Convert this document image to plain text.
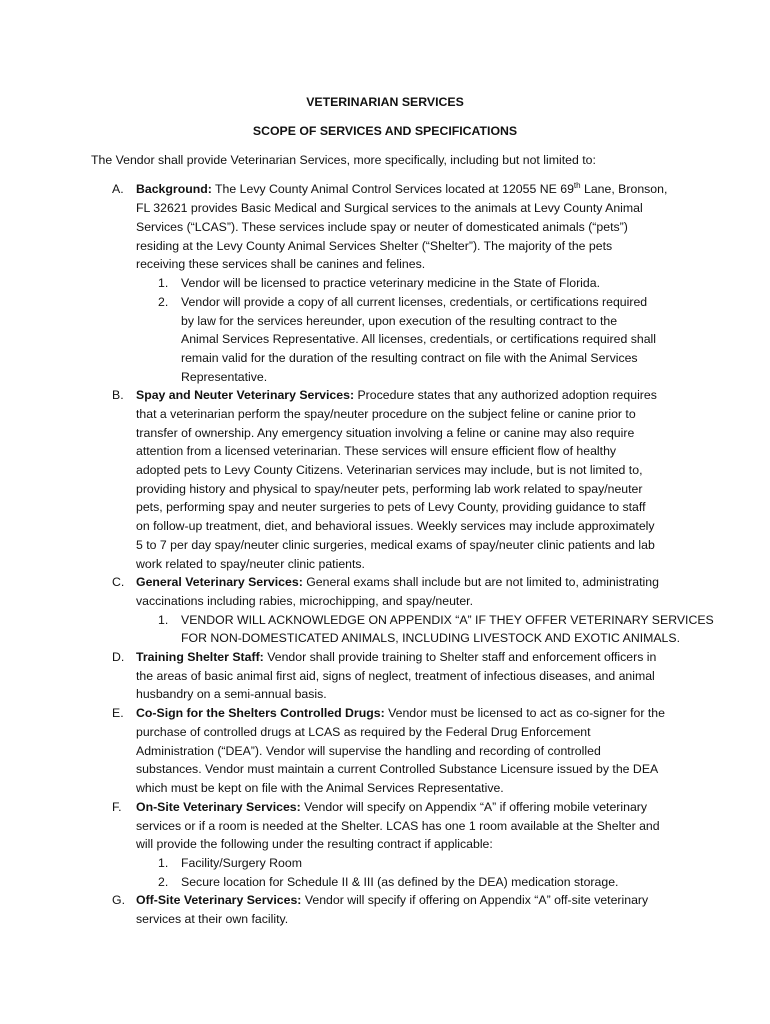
VETERINARIAN SERVICES
SCOPE OF SERVICES AND SPECIFICATIONS
The Vendor shall provide Veterinarian Services, more specifically, including but not limited to:
A. Background: The Levy County Animal Control Services located at 12055 NE 69th Lane, Bronson,
FL 32621 provides Basic Medical and Surgical services to the animals at Levy County Animal
Services (“LCAS”). These services include spay or neuter of domesticated animals (“pets”)
residing at the Levy County Animal Services Shelter (“Shelter”). The majority of the pets
receiving these services shall be canines and felines.
1. Vendor will be licensed to practice veterinary medicine in the State of Florida.
2. Vendor will provide a copy of all current licenses, credentials, or certifications required
by law for the services hereunder, upon execution of the resulting contract to the
Animal Services Representative. All licenses, credentials, or certifications required shall
remain valid for the duration of the resulting contract on file with the Animal Services
Representative.
B. Spay and Neuter Veterinary Services: Procedure states that any authorized adoption requires
that a veterinarian perform the spay/neuter procedure on the subject feline or canine prior to
transfer of ownership. Any emergency situation involving a feline or canine may also require
attention from a licensed veterinarian. These services will ensure efficient flow of healthy
adopted pets to Levy County Citizens. Veterinarian services may include, but is not limited to,
providing history and physical to spay/neuter pets, performing lab work related to spay/neuter
pets, performing spay and neuter surgeries to pets of Levy County, providing guidance to staff
on follow-up treatment, diet, and behavioral issues. Weekly services may include approximately
5 to 7 per day spay/neuter clinic surgeries, medical exams of spay/neuter clinic patients and lab
work related to spay/neuter clinic patients.
C. General Veterinary Services: General exams shall include but are not limited to, administrating
vaccinations including rabies, microchipping, and spay/neuter.
1. VENDOR WILL ACKNOWLEDGE ON APPENDIX “A” IF THEY OFFER VETERINARY SERVICES
FOR NON-DOMESTICATED ANIMALS, INCLUDING LIVESTOCK AND EXOTIC ANIMALS.
D. Training Shelter Staff: Vendor shall provide training to Shelter staff and enforcement officers in
the areas of basic animal first aid, signs of neglect, treatment of infectious diseases, and animal
husbandry on a semi-annual basis.
E. Co-Sign for the Shelters Controlled Drugs: Vendor must be licensed to act as co-signer for the
purchase of controlled drugs at LCAS as required by the Federal Drug Enforcement
Administration (“DEA”). Vendor will supervise the handling and recording of controlled
substances. Vendor must maintain a current Controlled Substance Licensure issued by the DEA
which must be kept on file with the Animal Services Representative.
F. On-Site Veterinary Services: Vendor will specify on Appendix “A” if offering mobile veterinary
services or if a room is needed at the Shelter. LCAS has one 1 room available at the Shelter and
will provide the following under the resulting contract if applicable:
1. Facility/Surgery Room
2. Secure location for Schedule II & III (as defined by the DEA) medication storage.
G. Off-Site Veterinary Services: Vendor will specify if offering on Appendix “A” off-site veterinary
services at their own facility.
